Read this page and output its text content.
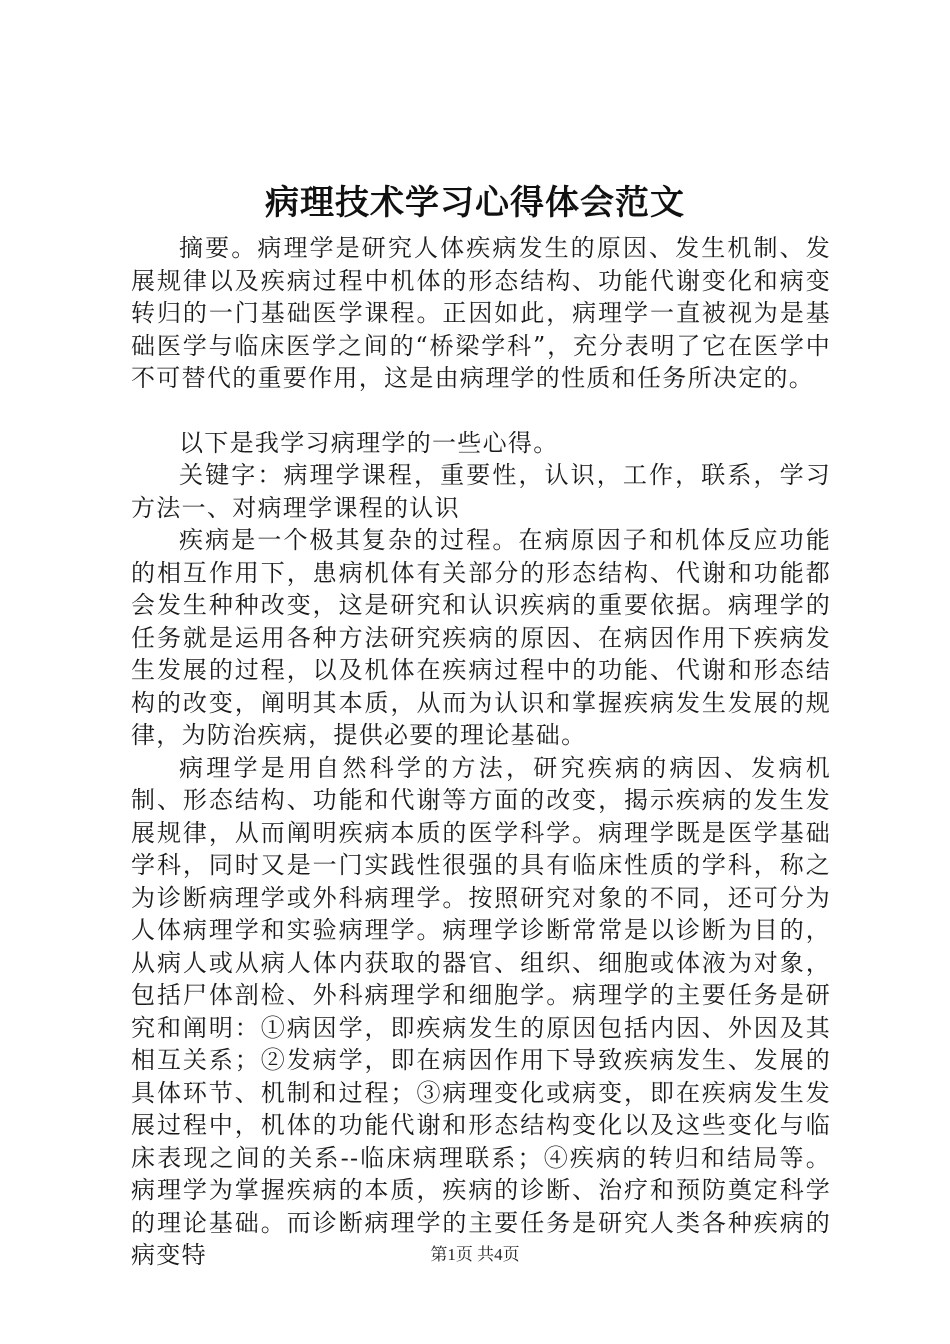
病理技术学习心得体会范文

摘要。病理学是研究人体疾病发生的原因、发生机制、发展规律以及疾病过程中机体的形态结构、功能代谢变化和病变转归的一门基础医学课程。正因如此，病理学一直被视为是基础医学与临床医学之间的“桥梁学科”，充分表明了它在医学中不可替代的重要作用，这是由病理学的性质和任务所决定的。

以下是我学习病理学的一些心得。

关键字：病理学课程，重要性，认识，工作，联系，学习方法一、对病理学课程的认识

疾病是一个极其复杂的过程。在病原因子和机体反应功能的相互作用下，患病机体有关部分的形态结构、代谢和功能都会发生种种改变，这是研究和认识疾病的重要依据。病理学的任务就是运用各种方法研究疾病的原因、在病因作用下疾病发生发展的过程，以及机体在疾病过程中的功能、代谢和形态结构的改变，阐明其本质，从而为认识和掌握疾病发生发展的规律，为防治疾病，提供必要的理论基础。

病理学是用自然科学的方法，研究疾病的病因、发病机制、形态结构、功能和代谢等方面的改变，揭示疾病的发生发展规律，从而阐明疾病本质的医学科学。病理学既是医学基础学科，同时又是一门实践性很强的具有临床性质的学科，称之为诊断病理学或外科病理学。按照研究对象的不同，还可分为人体病理学和实验病理学。病理学诊断常常是以诊断为目的，从病人或从病人体内获取的器官、组织、细胞或体液为对象，包括尸体剖检、外科病理学和细胞学。病理学的主要任务是研究和阐明：①病因学，即疾病发生的原因包括内因、外因及其相互关系；②发病学，即在病因作用下导致疾病发生、发展的具体环节、机制和过程；③病理变化或病变，即在疾病发生发展过程中，机体的功能代谢和形态结构变化以及这些变化与临床表现之间的关系--临床病理联系；④疾病的转归和结局等。病理学为掌握疾病的本质，疾病的诊断、治疗和预防奠定科学的理论基础。而诊断病理学的主要任务是研究人类各种疾病的病变特	第1页 共4页
